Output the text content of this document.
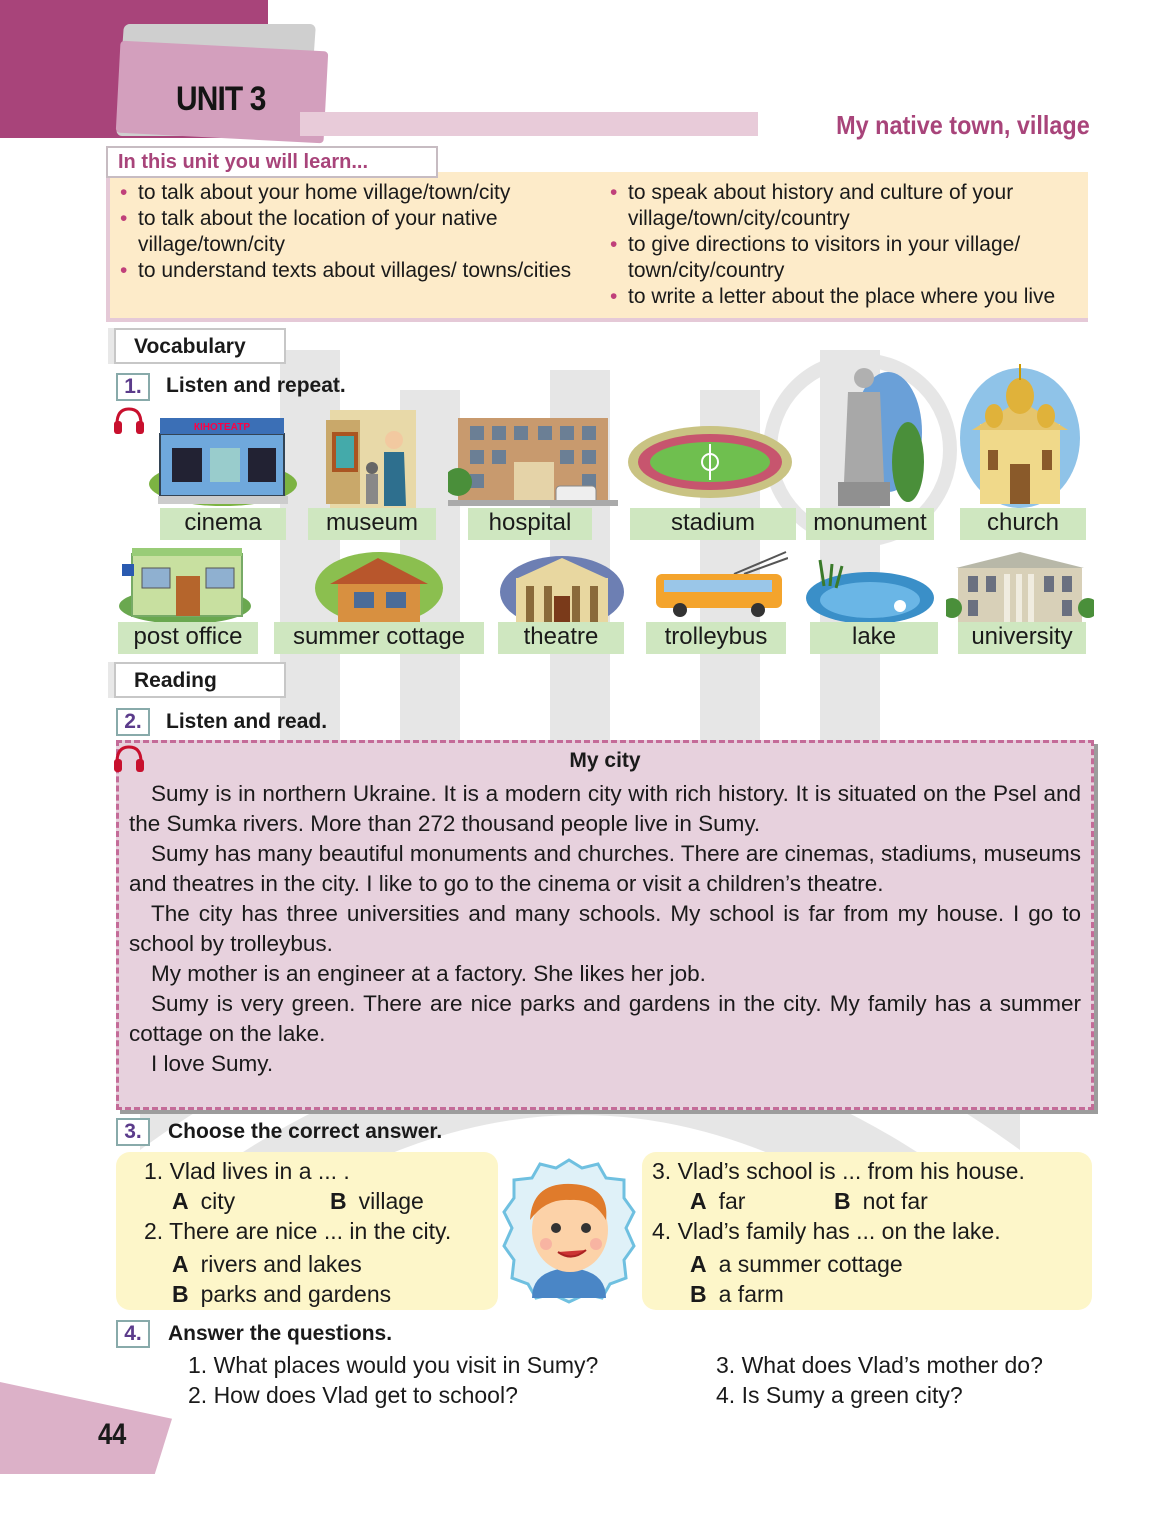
UNIT 3
My native town, village
• to talk about your home village/town/city
• to talk about the location of your native village/town/city
• to understand texts about villages/ towns/cities
• to speak about history and culture of your village/town/city/country
• to give directions to visitors in your village/ town/city/country
• to write a letter about the place where you live
In this unit you will learn...
Vocabulary
1.	Listen and repeat.
КІНОТЕАТР
cinema	museum	hospital	stadium	monument	church
post office	summer cottage	theatre	trolleybus	lake	university
Reading
2.	Listen and read.
My city

Sumy is in northern Ukraine. It is a modern city with rich history. It is situated on the Psel and the Sumka rivers. More than 272 thousand people live in Sumy.

Sumy has many beautiful monuments and churches. There are cinemas, stadiums, museums and theatres in the city. I like to go to the cinema or visit a children’s theatre.

The city has three universities and many schools. My school is far from my house. I go to school by trolleybus.

My mother is an engineer at a factory. She likes her job.

Sumy is very green. There are nice parks and gardens in the city. My family has a summer cottage on the lake.

I love Sumy.

3.	Choose the correct answer.
1. Vlad lives in a ... .
A city	B village
2. There are nice ... in the city.
A rivers and lakes
B parks and gardens
3. Vlad’s school is ... from his house.
A far	B not far
4. Vlad’s family has ... on the lake.
A a summer cottage
B a farm
4.	Answer the questions.
1. What places would you visit in Sumy?
2. How does Vlad get to school?
3. What does Vlad’s mother do?
4. Is Sumy a green city?
44
